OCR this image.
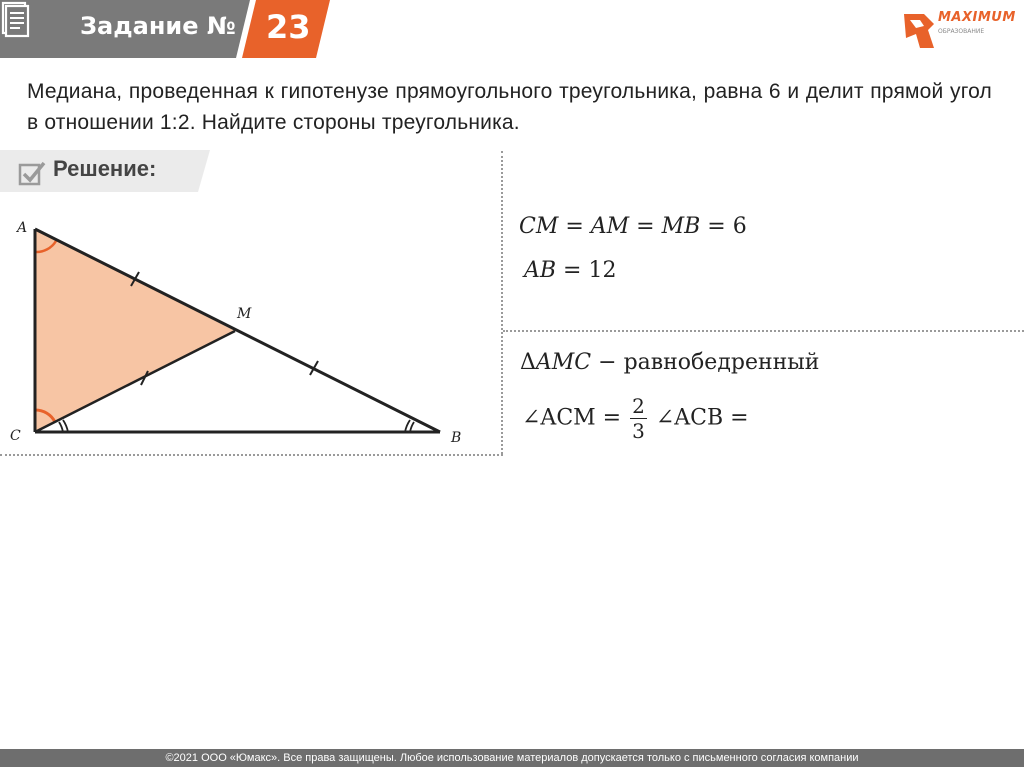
Задание № 23	MAXIMUM
ОБРАЗОВАНИЕ
Медиана, проведенная к гипотенузе прямоугольного треугольника, равна 6 и делит прямой угол в отношении 1:2. Найдите стороны треугольника.
Решение:
A
M
C	B
𝐶𝑀 = 𝐴𝑀 = 𝑀𝐵 = 6
𝐴𝐵 = 12
Δ𝐴𝑀𝐶 − равнобедренный
∠ACM = $\frac{2}{3}$ ∠ACB =
©2021 ООО «Юмакс». Все права защищены. Любое использование материалов допускается только с письменного согласия компании
